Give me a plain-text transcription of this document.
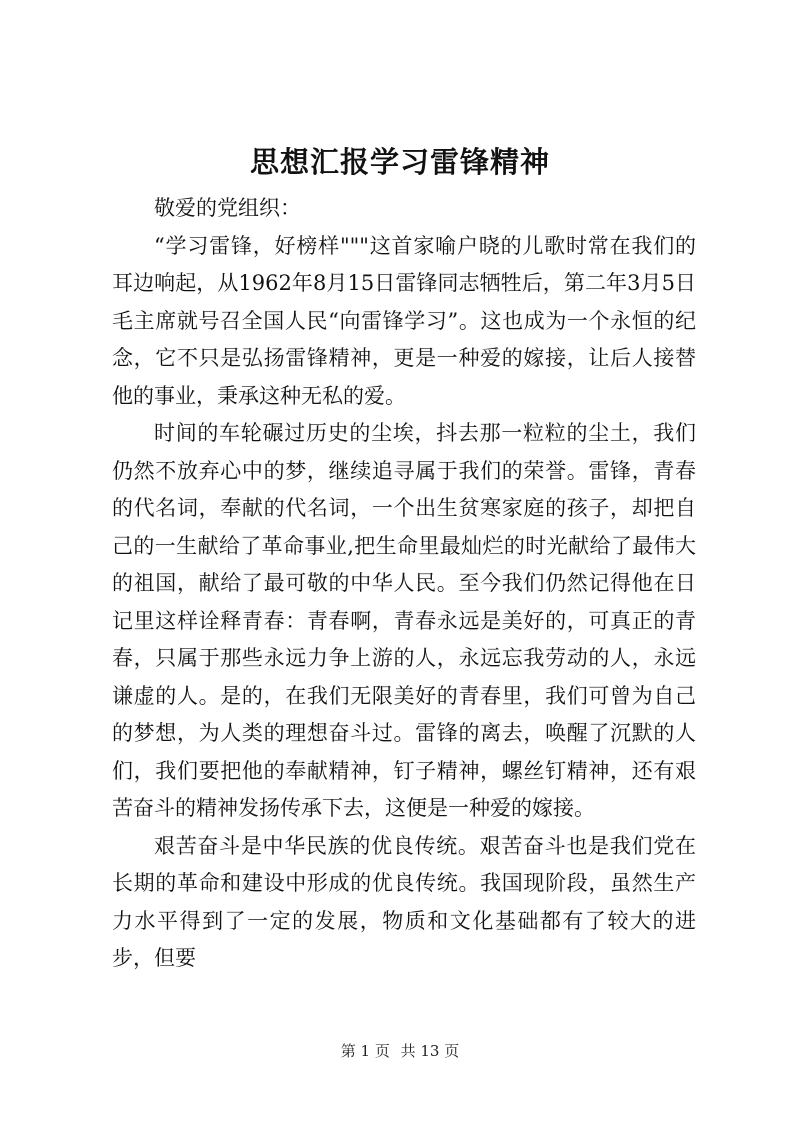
思想汇报学习雷锋精神

敬爱的党组织：

“学习雷锋，好榜样"""这首家喻户晓的儿歌时常在我们的耳边响起，从1962年8月15日雷锋同志牺牲后，第二年3月5日毛主席就号召全国人民“向雷锋学习”。这也成为一个永恒的纪念，它不只是弘扬雷锋精神，更是一种爱的嫁接，让后人接替他的事业，秉承这种无私的爱。

时间的车轮碾过历史的尘埃，抖去那一粒粒的尘土，我们仍然不放弃心中的梦，继续追寻属于我们的荣誉。雷锋，青春的代名词，奉献的代名词，一个出生贫寒家庭的孩子，却把自己的一生献给了革命事业,把生命里最灿烂的时光献给了最伟大的祖国，献给了最可敬的中华人民。至今我们仍然记得他在日记里这样诠释青春：青春啊，青春永远是美好的，可真正的青春，只属于那些永远力争上游的人，永远忘我劳动的人，永远谦虚的人。是的，在我们无限美好的青春里，我们可曾为自己的梦想，为人类的理想奋斗过。雷锋的离去，唤醒了沉默的人们，我们要把他的奉献精神，钉子精神，螺丝钉精神，还有艰苦奋斗的精神发扬传承下去，这便是一种爱的嫁接。

艰苦奋斗是中华民族的优良传统。艰苦奋斗也是我们党在长期的革命和建设中形成的优良传统。我国现阶段，虽然生产力水平得到了一定的发展，物质和文化基础都有了较大的进步，但要

第 1 页 共 13 页
